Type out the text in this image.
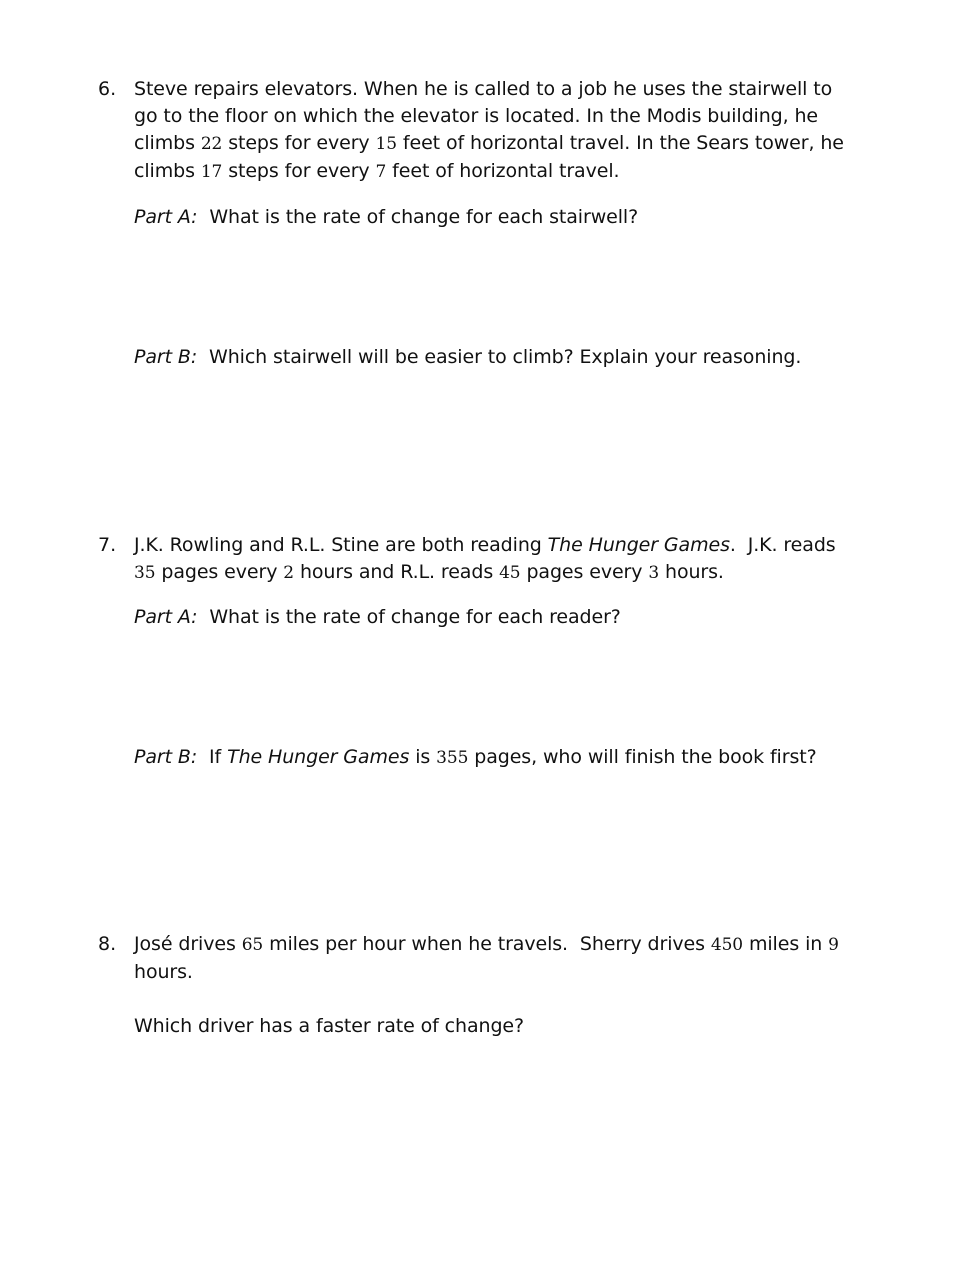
6. Steve repairs elevators. When he is called to a job he uses the stairwell to
go to the floor on which the elevator is located. In the Modis building, he
climbs 22 steps for every 15 feet of horizontal travel. In the Sears tower, he
climbs 17 steps for every 7 feet of horizontal travel.
Part A:  What is the rate of change for each stairwell?
Part B:  Which stairwell will be easier to climb? Explain your reasoning.
7. J.K. Rowling and R.L. Stine are both reading The Hunger Games.  J.K. reads
35 pages every 2 hours and R.L. reads 45 pages every 3 hours.
Part A:  What is the rate of change for each reader?
Part B:  If The Hunger Games is 355 pages, who will finish the book first?
8. José drives 65 miles per hour when he travels.  Sherry drives 450 miles in 9
hours.
Which driver has a faster rate of change?
